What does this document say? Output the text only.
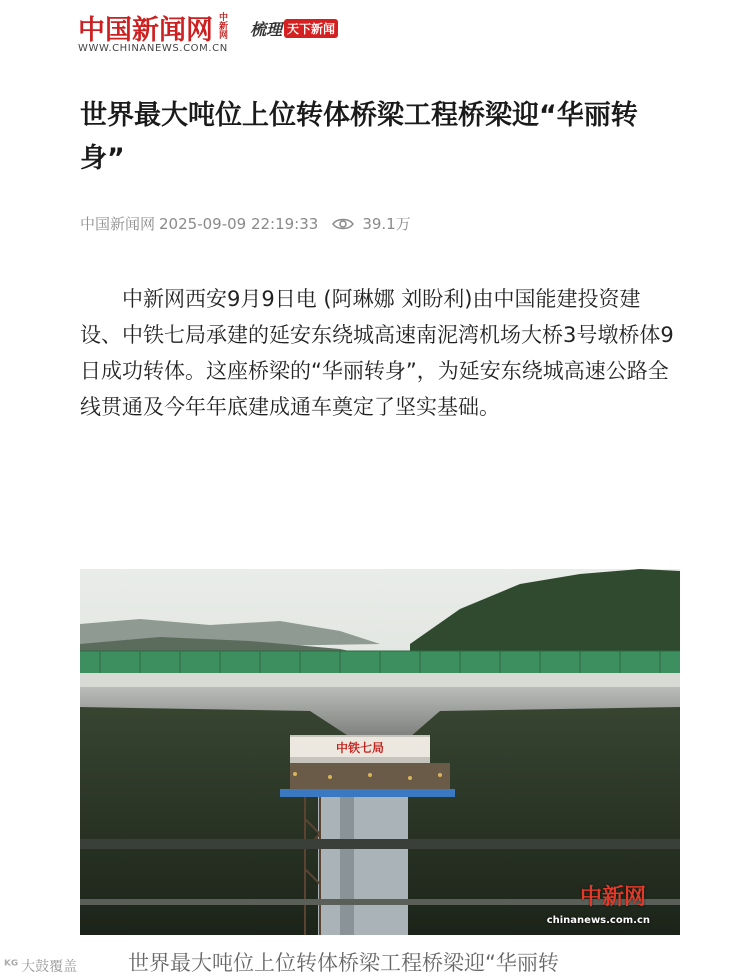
中国新闻网 中新网
WWW.CHINANEWS.COM.CN
梳理 天下新闻
世界最大吨位上位转体桥梁工程桥梁迎“华丽转身”
中国新闻网 2025-09-09 22:19:33	39.1万

中新网西安9月9日电 (阿琳娜 刘盼利)由中国能建投资建设、中铁七局承建的延安东绕城高速南泥湾机场大桥3号墩桥体9日成功转体。这座桥梁的“华丽转身”，为延安东绕城高速公路全线贯通及今年年底建成通车奠定了坚实基础。

中铁七局
中新网
chinanews.com.cn
ᴷᴳ 大鼓覆盖 世界最大吨位上位转体桥梁工程桥梁迎“华丽转
